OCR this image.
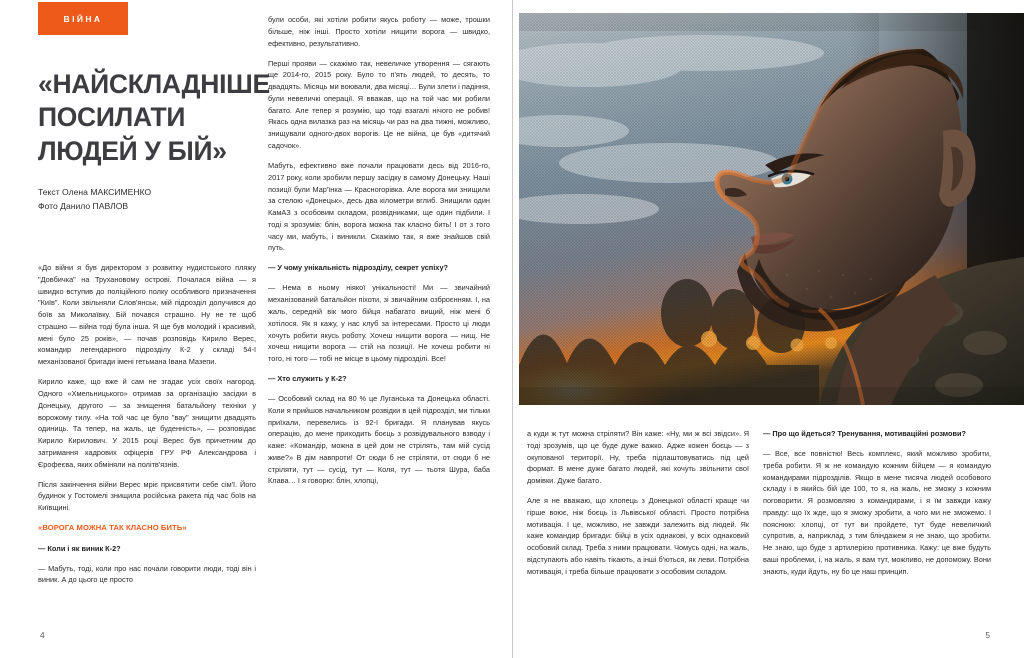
ВІЙНА
«НАЙСКЛАДНІШЕ ПОСИЛАТИ ЛЮДЕЙ У БІЙ»
Текст Олена МАКСИМЕНКО
Фото Данило ПАВЛОВ

«До війни я був директором з розвитку нудистського пляжу "Довбичка" на Трухановому острові. Почалася війна — я швидко вступив до поліційного полку особливого призначення "Київ". Коли звільняли Слов'янськ, мій підрозділ долучився до боїв за Миколаївку. Бій почався страшно. Ну не те щоб страшно — війна тоді була інша. Я ще був молодий і красивий, мені було 25 років», — почав розповідь Кирило Верес, командир легендарного підрозділу К-2 у складі 54-ї механізованої бригади імені гетьмана Івана Мазепи.

Кирило каже, що вже й сам не згадає усіх своїх нагород. Одного «Хмельницького» отримав за організацію засідки в Донецьку, другого — за знищення батальйону техніки у ворожому тилу. «На той час це було "вау" знищити двадцять одиниць. Та тепер, на жаль, це буденність», — розповідає Кирило Кирилович. У 2015 році Верес був причетним до затримання кадрових офіцерів ГРУ РФ Александрова і Єрофеєва, яких обміняли на політв'язнів.

Після закінчення війни Верес мріє присвятити себе сім'ї. Його будинок у Гостомелі знищила російська ракета під час боїв на Київщині.

«ВОРОГА МОЖНА ТАК КЛАСНО БИТЬ»

— Коли і як виник К-2?

— Мабуть, тоді, коли про нас почали говорити люди, тоді він і виник. А до цього це просто

були особи, які хотіли робити якусь роботу — може, трошки більше, ніж інші. Просто хотіли нищити ворога — швидко, ефективно, результативно.

Перші прояви — скажімо так, невеличке утворення — сягають ще 2014-го, 2015 року. Було то п'ять людей, то десять, то двадцять. Місяць ми воювали, два місяці… Були злети і падіння, були невеличкі операції. Я вважав, що на той час ми робили багато. Але тепер я розумію, що тоді взагалі нічого не робив! Якась одна вилазка раз на місяць чи раз на два тижні, можливо, знищували одного-двох ворогів. Це не війна, це був «дитячий садочок».

Мабуть, ефективно вже почали працювати десь від 2016-го, 2017 року, коли зробили першу засідку в самому Донецьку. Наші позиції були Мар'їнка — Красногорівка. Але ворога ми знищили за стелою «Донецьк», десь два кілометри вглиб. Знищили один КамАЗ з особовим складом, розвідниками, ще один підбили. І тоді я зрозумів: блін, ворога можна так класно бить! І от з того часу ми, мабуть, і виникли. Скажімо так, я вже знайшов свій путь.

— У чому унікальність підрозділу, секрет успіху?

— Нема в ньому ніякої унікальності! Ми — звичайний механізований батальйон піхоти, зі звичайним озброєнням. І, на жаль, середній вік мого бійця набагато вищий, ніж мені б хотілося. Як я кажу, у нас клуб за інтересами. Просто ці люди хочуть робити якусь роботу. Хочеш нищити ворога — нищ. Не хочеш нищити ворога — стій на позиції. Не хочеш робити ні того, ні того — тобі не місце в цьому підрозділі. Все!

— Хто служить у К-2?

— Особовий склад на 80 % це Луганська та Донецька області. Коли я прийшов начальником розвідки в цей підрозділ, ми тільки приїхали, перевелись із 92-ї бригади. Я планував якусь операцію, до мене приходить боєць з розвідувального взводу і каже: «Командір, можна в цей дом не стрілять, там мій сусід живе?» В дім навпроти! От сюди б не стріляти, от сюди б не стріляти, тут — сусід, тут — Коля, тут — тьотя Шура, баба Клава… І я говорю: блін, хлопці,

4

а куди ж тут можна стріляти? Він каже: «Ну, ми ж всі звідси». Я тоді зрозумів, що це буде дуже важко. Адже кожен боєць — з окупованої території. Ну, треба підлаштовуватись під цей формат. В мене дуже багато людей, які хочуть звільнити свої домівки. Дуже багато.

Але я не вважаю, що хлопець з Донецької області краще чи гірше воює, ніж боєць із Львівської області. Просто потрібна мотивація. І це, можливо, не завжди залежить від людей. Як каже командир бригади: бійці в усіх однакові, у всіх однаковий особовий склад. Треба з ними працювати. Чомусь одні, на жаль, відступають або навіть тікають, а інші б'ються, як леви. Потрібна мотивація, і треба більше працювати з особовим складом.

— Про що йдеться? Тренування, мотиваційні розмови?

— Все, все повністю! Весь комплекс, який можливо зробити, треба робити. Я ж не командую кожним бійцем — я командую командирами підрозділів. Якщо в мене тисяча людей особового складу і в якийсь бій іде 100, то я, на жаль, не зможу з кожним поговорити. Я розмовляю з командирами, і я їм завжди кажу правду: що їх жде, що я зможу зробити, а чого ми не зможемо. І пояснюю: хлопці, от тут ви пройдете, тут буде невеличкий супротив, а, наприклад, з тим бліндажем я не знаю, що зробити. Не знаю, що буде з артилерією противника. Кажу: це вже будуть ваші проблеми, і, на жаль, я вам тут, можливо, не допоможу. Вони знають, куди йдуть, ну бо це наш принцип.

5
